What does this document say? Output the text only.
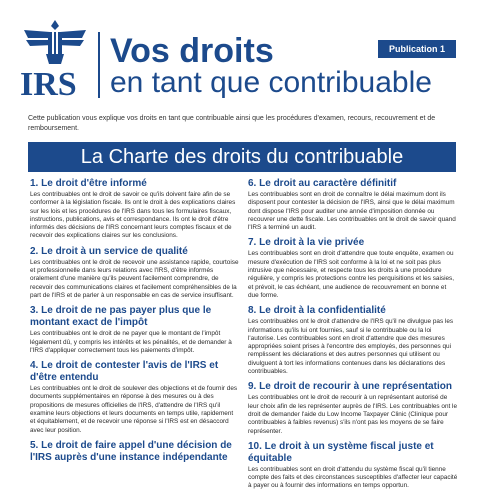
IRS
Vos droits
en tant que contribuable
Publication 1
Cette publication vous explique vos droits en tant que contribuable ainsi que les procédures d'examen, recours, recouvrement et de remboursement.
La Charte des droits du contribuable
1. Le droit d'être informé
Les contribuables ont le droit de savoir ce qu'ils doivent faire afin de se conformer à la législation fiscale. Ils ont le droit à des explications claires sur les lois et les procédures de l'IRS dans tous les formulaires fiscaux, instructions, publications, avis et correspondance. Ils ont le droit d'être informés des décisions de l'IRS concernant leurs comptes fiscaux et de recevoir des explications claires sur les conclusions.
2. Le droit à un service de qualité
Les contribuables ont le droit de recevoir une assistance rapide, courtoise et professionnelle dans leurs relations avec l'IRS, d'être informés oralement d'une manière qu'ils peuvent facilement comprendre, de recevoir des communications claires et facilement compréhensibles de la part de l'IRS et de parler à un responsable en cas de service insuffisant.
3. Le droit de ne pas payer plus que le montant exact de l'impôt
Les contribuables ont le droit de ne payer que le montant de l'impôt légalement dû, y compris les intérêts et les pénalités, et de demander à l'IRS d'appliquer correctement tous les paiements d'impôt.
4. Le droit de contester l'avis de l'IRS et d'être entendu
Les contribuables ont le droit de soulever des objections et de fournir des documents supplémentaires en réponse à des mesures ou à des propositions de mesures officielles de l'IRS, d'attendre de l'IRS qu'il examine leurs objections et leurs documents en temps utile, rapidement et équitablement, et de recevoir une réponse si l'IRS est en désaccord avec leur position.
5. Le droit de faire appel d'une décision de l'IRS auprès d'une instance indépendante
6. Le droit au caractère définitif
Les contribuables sont en droit de connaître le délai maximum dont ils disposent pour contester la décision de l'IRS, ainsi que le délai maximum dont dispose l'IRS pour auditer une année d'imposition donnée ou recouvrer une dette fiscale. Les contribuables ont le droit de savoir quand l'IRS a terminé un audit.
7. Le droit à la vie privée
Les contribuables sont en droit d'attendre que toute enquête, examen ou mesure d'exécution de l'IRS soit conforme à la loi et ne soit pas plus intrusive que nécessaire, et respecte tous les droits à une procédure régulière, y compris les protections contre les perquisitions et les saisies, et prévoit, le cas échéant, une audience de recouvrement en bonne et due forme.
8. Le droit à la confidentialité
Les contribuables ont le droit d'attendre de l'IRS qu'il ne divulgue pas les informations qu'ils lui ont fournies, sauf si le contribuable ou la loi l'autorise. Les contribuables sont en droit d'attendre que des mesures appropriées soient prises à l'encontre des employés, des personnes qui remplissent les déclarations et des autres personnes qui utilisent ou divulguent à tort les informations contenues dans les déclarations des contribuables.
9. Le droit de recourir à une représentation
Les contribuables ont le droit de recourir à un représentant autorisé de leur choix afin de les représenter auprès de l'IRS. Les contribuables ont le droit de demander l'aide du Low Income Taxpayer Clinic (Clinique pour contribuables à faibles revenus) s'ils n'ont pas les moyens de se faire représenter.
10. Le droit à un système fiscal juste et équitable
Les contribuables sont en droit d'attendu du système fiscal qu'il tienne compte des faits et des circonstances susceptibles d'affecter leur capacité à payer ou à fournir des informations en temps opportun.
